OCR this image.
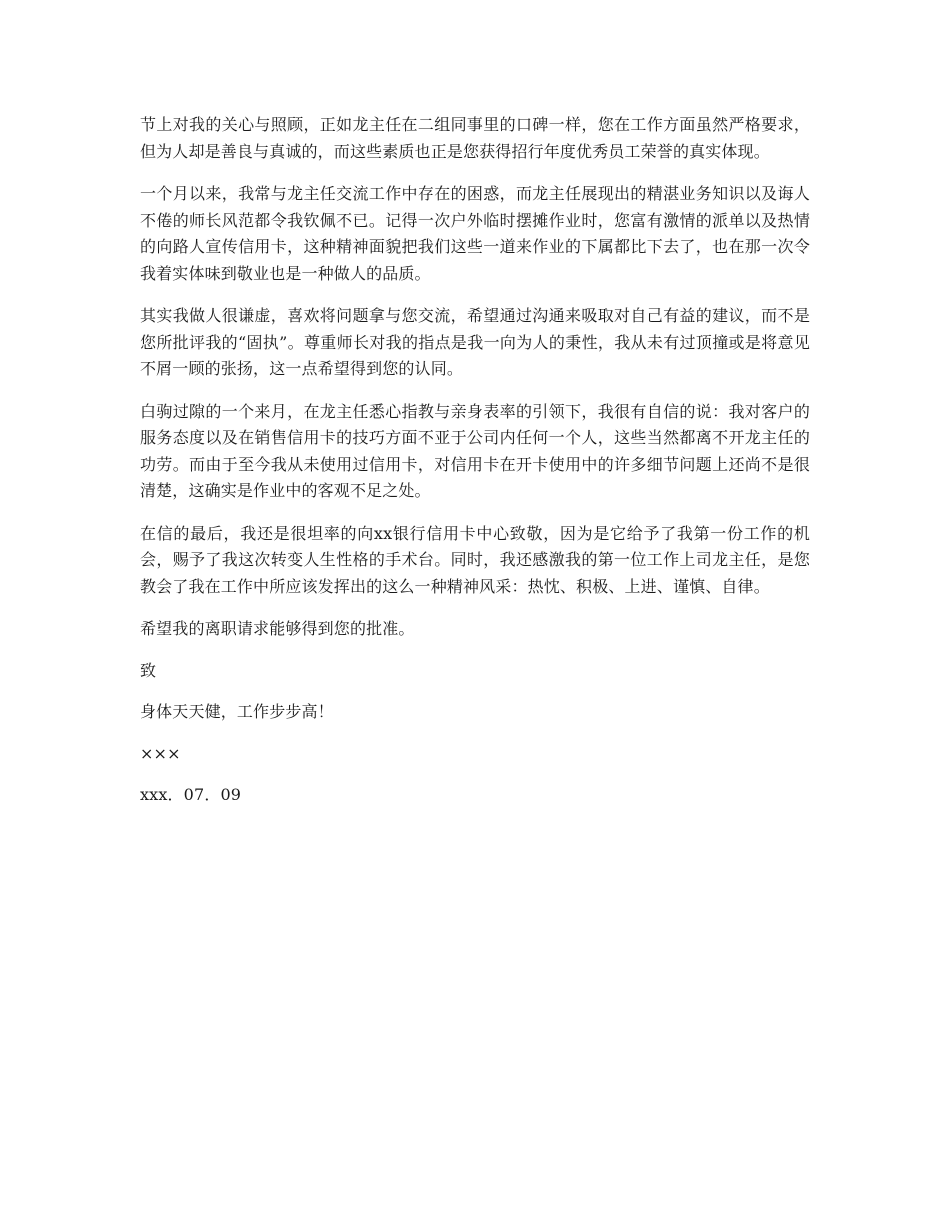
节上对我的关心与照顾，正如龙主任在二组同事里的口碑一样，您在工作方面虽然严格要求，但为人却是善良与真诚的，而这些素质也正是您获得招行年度优秀员工荣誉的真实体现。

一个月以来，我常与龙主任交流工作中存在的困惑，而龙主任展现出的精湛业务知识以及诲人不倦的师长风范都令我钦佩不已。记得一次户外临时摆摊作业时，您富有激情的派单以及热情的向路人宣传信用卡，这种精神面貌把我们这些一道来作业的下属都比下去了，也在那一次令我着实体味到敬业也是一种做人的品质。

其实我做人很谦虚，喜欢将问题拿与您交流，希望通过沟通来吸取对自己有益的建议，而不是您所批评我的“固执”。尊重师长对我的指点是我一向为人的秉性，我从未有过顶撞或是将意见不屑一顾的张扬，这一点希望得到您的认同。

白驹过隙的一个来月，在龙主任悉心指教与亲身表率的引领下，我很有自信的说：我对客户的服务态度以及在销售信用卡的技巧方面不亚于公司内任何一个人，这些当然都离不开龙主任的功劳。而由于至今我从未使用过信用卡，对信用卡在开卡使用中的许多细节问题上还尚不是很清楚，这确实是作业中的客观不足之处。

在信的最后，我还是很坦率的向xx银行信用卡中心致敬，因为是它给予了我第一份工作的机会，赐予了我这次转变人生性格的手术台。同时，我还感激我的第一位工作上司龙主任，是您教会了我在工作中所应该发挥出的这么一种精神风采：热忱、积极、上进、谨慎、自律。

希望我的离职请求能够得到您的批准。

致

身体天天健，工作步步高！

×××

xxx．07．09
